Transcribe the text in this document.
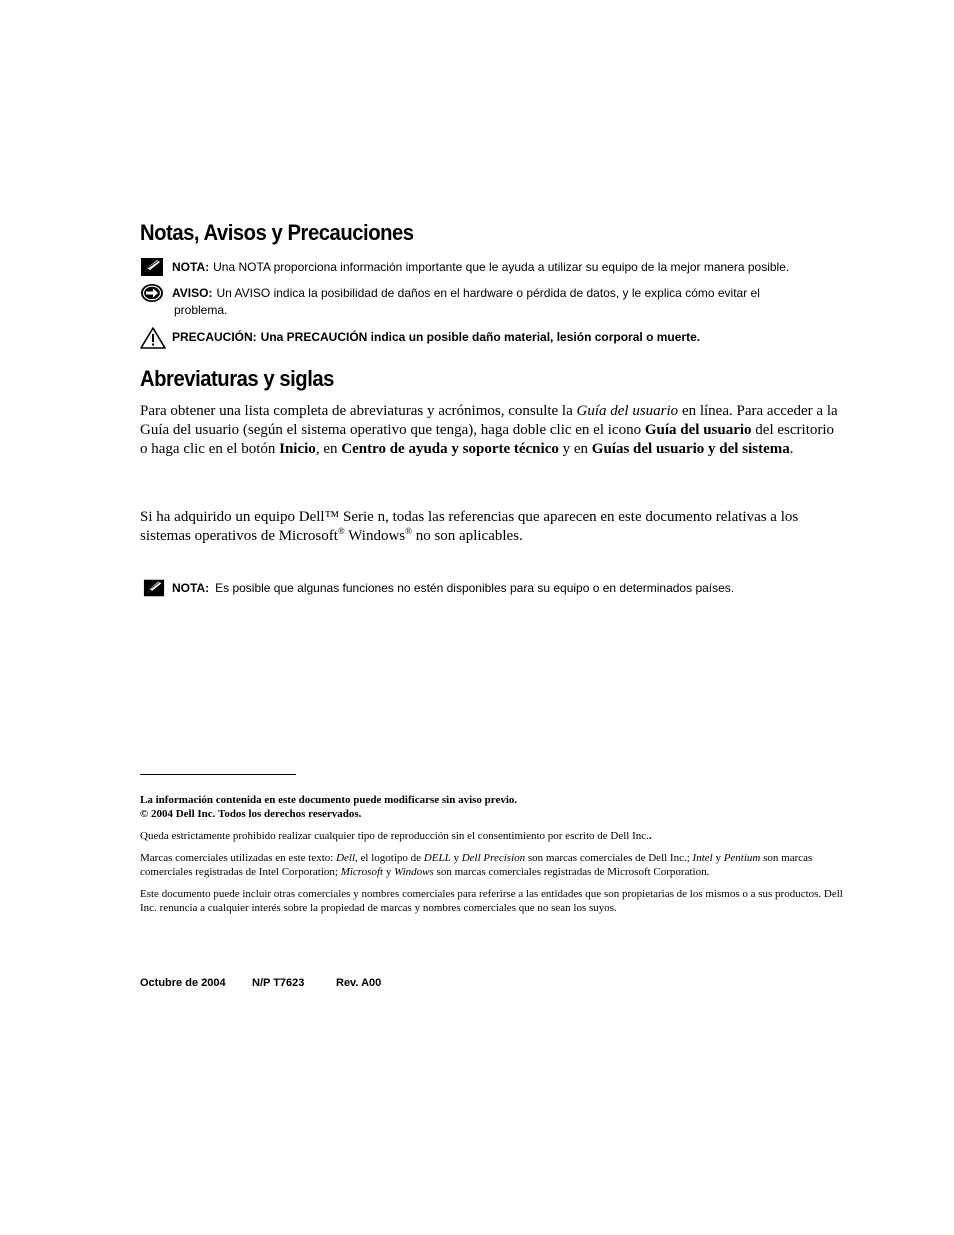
Notas, Avisos y Precauciones
NOTA: Una NOTA proporciona información importante que le ayuda a utilizar su equipo de la mejor manera posible.
AVISO: Un AVISO indica la posibilidad de daños en el hardware o pérdida de datos, y le explica cómo evitar el
problema.
PRECAUCIÓN: Una PRECAUCIÓN indica un posible daño material, lesión corporal o muerte.
Abreviaturas y siglas

Para obtener una lista completa de abreviaturas y acrónimos, consulte la Guía del usuario en línea. Para acceder a la Guía del usuario (según el sistema operativo que tenga), haga doble clic en el icono Guía del usuario del escritorio o haga clic en el botón Inicio, en Centro de ayuda y soporte técnico y en Guías del usuario y del sistema.

Si ha adquirido un equipo Dell™ Serie n, todas las referencias que aparecen en este documento relativas a los sistemas operativos de Microsoft® Windows® no son aplicables.

NOTA: Es posible que algunas funciones no estén disponibles para su equipo o en determinados países.

La información contenida en este documento puede modificarse sin aviso previo.
© 2004 Dell Inc. Todos los derechos reservados.

Queda estrictamente prohibido realizar cualquier tipo de reproducción sin el consentimiento por escrito de Dell Inc..

Marcas comerciales utilizadas en este texto: Dell, el logotipo de DELL y Dell Precision son marcas comerciales de Dell Inc.; Intel y Pentium son marcas comerciales registradas de Intel Corporation; Microsoft y Windows son marcas comerciales registradas de Microsoft Corporation.

Este documento puede incluir otras comerciales y nombres comerciales para referirse a las entidades que son propietarias de los mismos o a sus productos. Dell Inc. renuncia a cualquier interés sobre la propiedad de marcas y nombres comerciales que no sean los suyos.

Octubre de 2004 N/P T7623	Rev. A00
